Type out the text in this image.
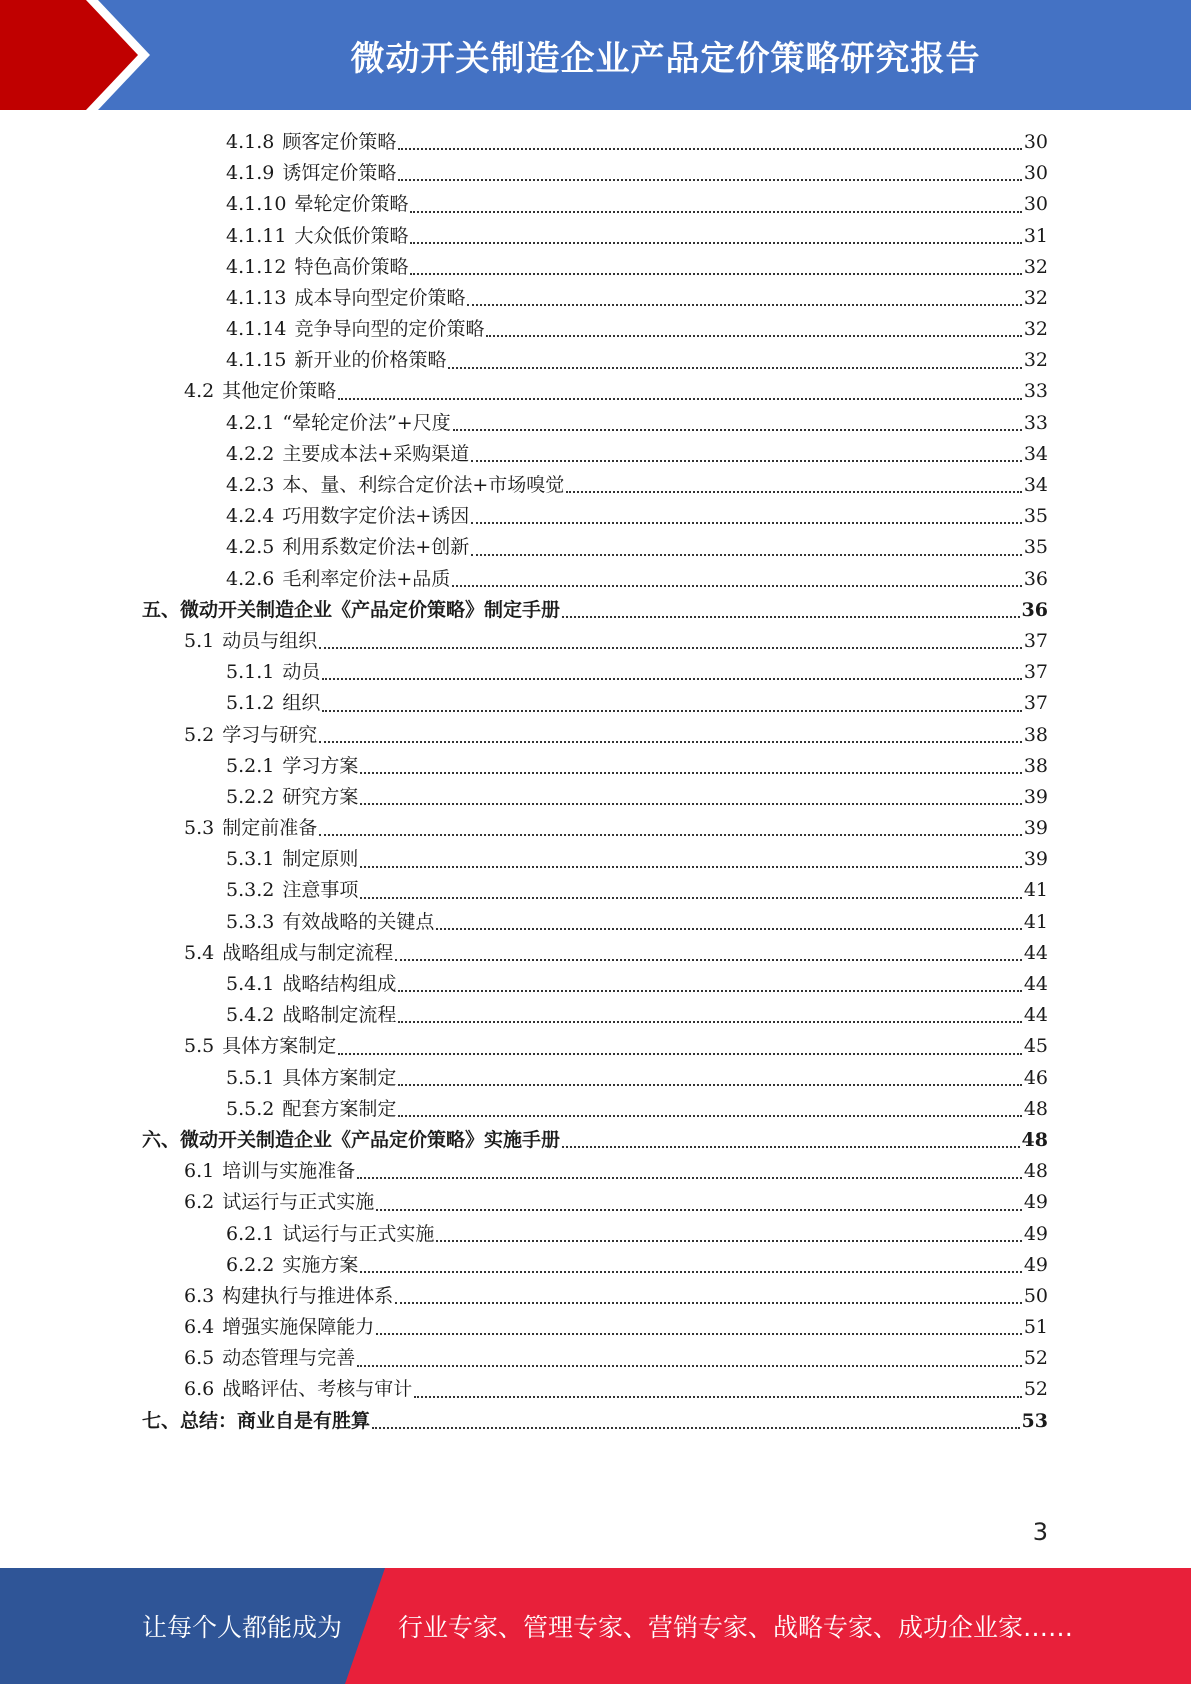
微动开关制造企业产品定价策略研究报告
4.1.8 顾客定价策略	30
4.1.9 诱饵定价策略	30
4.1.10 晕轮定价策略	30
4.1.11 大众低价策略	31
4.1.12 特色高价策略	32
4.1.13 成本导向型定价策略	32
4.1.14 竞争导向型的定价策略	32
4.1.15 新开业的价格策略	32
4.2 其他定价策略	33
4.2.1 “晕轮定价法”+尺度	33
4.2.2 主要成本法+采购渠道	34
4.2.3 本、量、利综合定价法+市场嗅觉	34
4.2.4 巧用数字定价法+诱因	35
4.2.5 利用系数定价法+创新	35
4.2.6 毛利率定价法+品质	36
五、 微动开关制造企业《产品定价策略》制定手册	36
5.1 动员与组织	37
5.1.1 动员	37
5.1.2 组织	37
5.2 学习与研究	38
5.2.1 学习方案	38
5.2.2 研究方案	39
5.3 制定前准备	39
5.3.1 制定原则	39
5.3.2 注意事项	41
5.3.3 有效战略的关键点	41
5.4 战略组成与制定流程	44
5.4.1 战略结构组成	44
5.4.2 战略制定流程	44
5.5 具体方案制定	45
5.5.1 具体方案制定	46
5.5.2 配套方案制定	48
六、 微动开关制造企业《产品定价策略》实施手册	48
6.1 培训与实施准备	48
6.2 试运行与正式实施	49
6.2.1 试运行与正式实施	49
6.2.2 实施方案	49
6.3 构建执行与推进体系	50
6.4 增强实施保障能力	51
6.5 动态管理与完善	52
6.6 战略评估、考核与审计	52
七、 总结：商业自是有胜算	53
3
让每个人都能成为 行业专家、管理专家、营销专家、战略专家、成功企业家……
